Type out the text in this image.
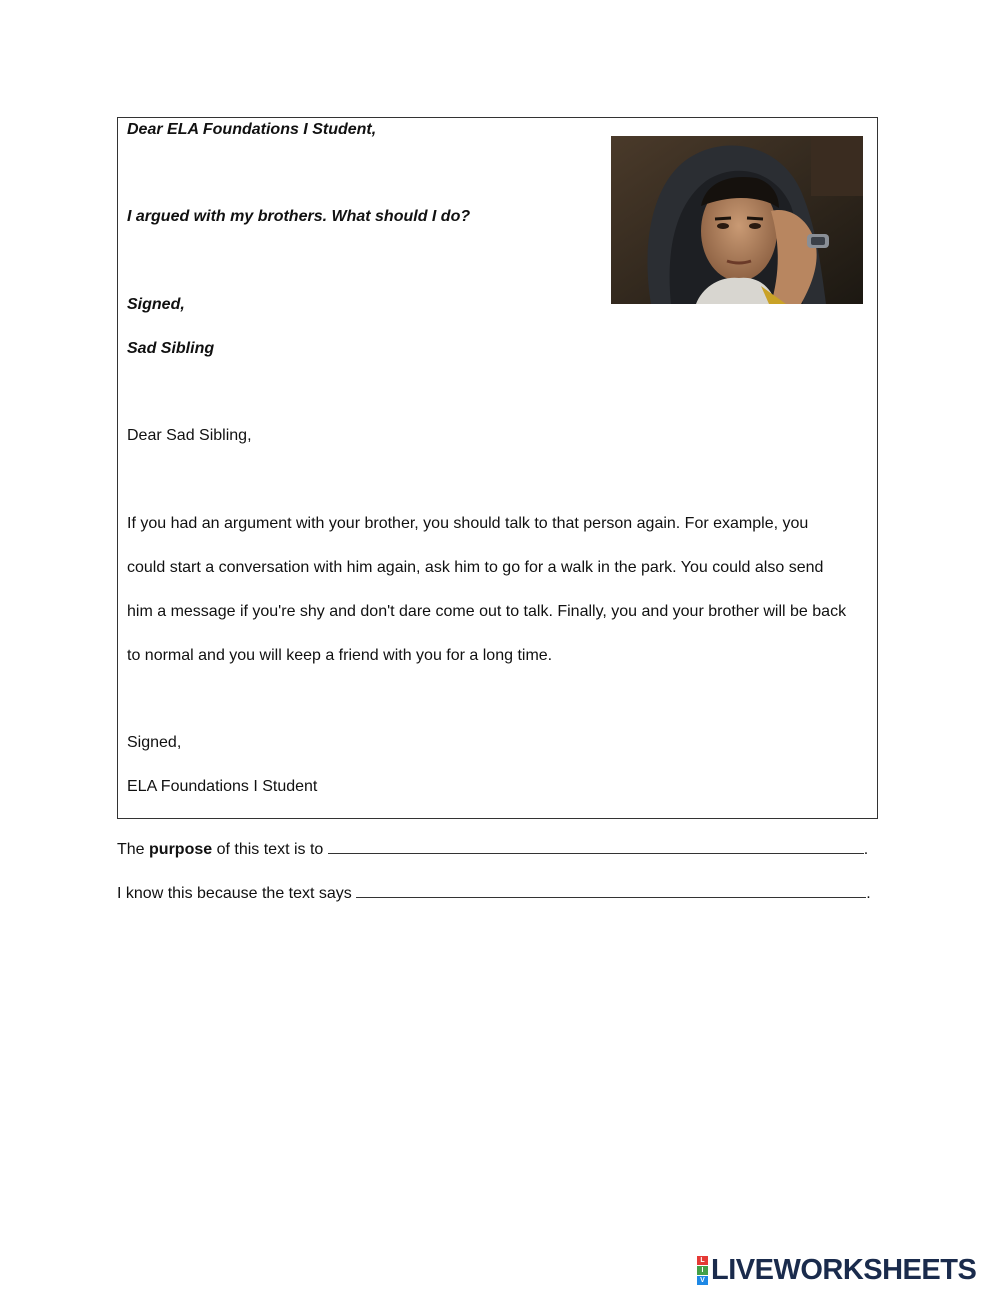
Dear ELA Foundations I Student,
I argued with my brothers. What should I do?
Signed,
Sad Sibling
Dear Sad Sibling,
If you had an argument with your brother, you should talk to that person again. For example, you
could start a conversation with him again, ask him to go for a walk in the park. You could also send
him a message if you're shy and don't dare come out to talk. Finally, you and your brother will be back
to normal and you will keep a friend with you for a long time.
Signed,
ELA Foundations I Student
The purpose of this text is to	.
I know this because the text says	.
L
I
V LIVEWORKSHEETS
